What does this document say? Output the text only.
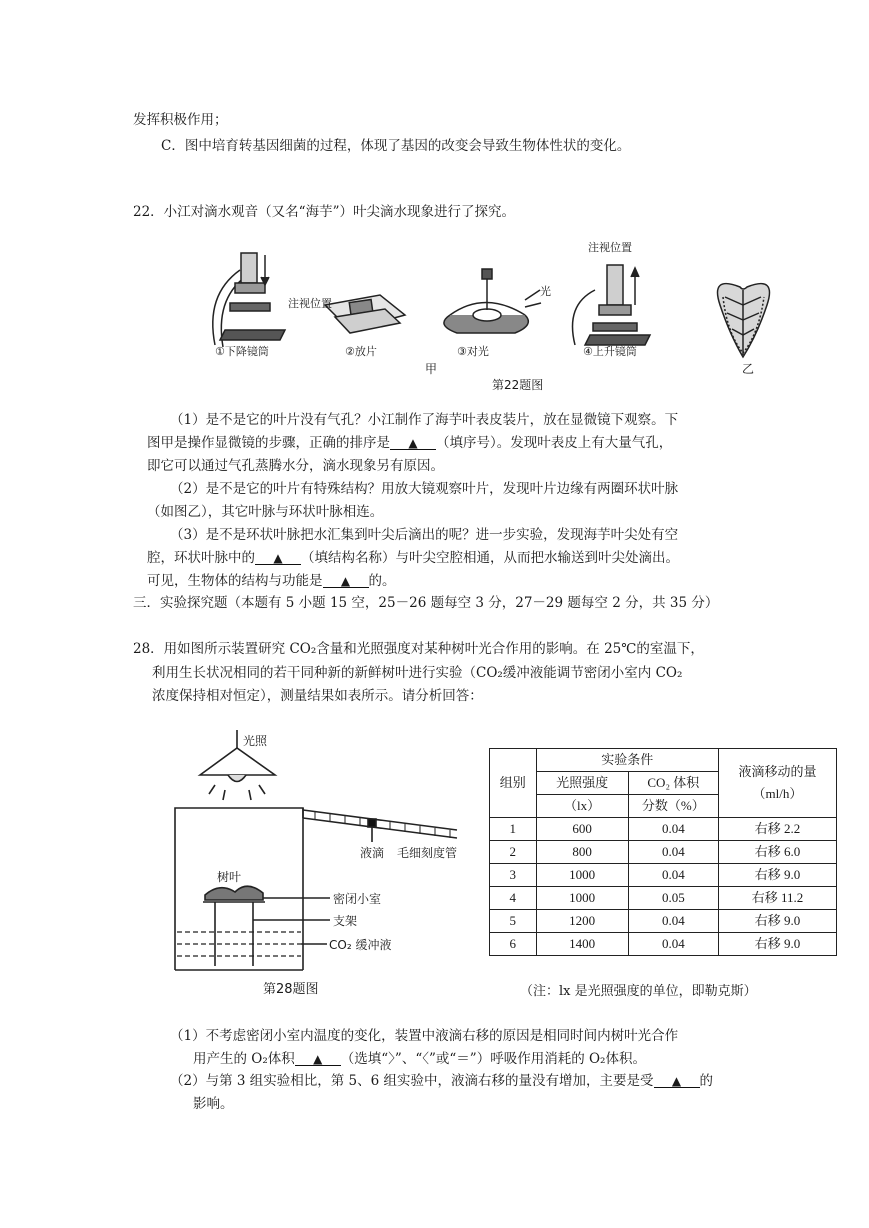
发挥积极作用；
C．图中培育转基因细菌的过程，体现了基因的改变会导致生物体性状的变化。
22．小江对滴水观音（又名“海芋”）叶尖滴水现象进行了探究。
注视位置
注视位置
光
①下降镜筒	②放片	③对光	④上升镜筒
甲	乙
第22题图
（1）是不是它的叶片没有气孔？小江制作了海芋叶表皮装片，放在显微镜下观察。下
图甲是操作显微镜的步骤，正确的排序是 ▲ （填序号）。发现叶表皮上有大量气孔，
即它可以通过气孔蒸腾水分，滴水现象另有原因。
（2）是不是它的叶片有特殊结构？用放大镜观察叶片，发现叶片边缘有两圈环状叶脉
（如图乙），其它叶脉与环状叶脉相连。
（3）是不是环状叶脉把水汇集到叶尖后滴出的呢？进一步实验，发现海芋叶尖处有空
腔，环状叶脉中的 ▲ （填结构名称）与叶尖空腔相通，从而把水输送到叶尖处滴出。
可见，生物体的结构与功能是 ▲ 的。
三．实验探究题（本题有 5 小题 15 空，25－26 题每空 3 分，27－29 题每空 2 分，共 35 分）
28．用如图所示装置研究 CO₂含量和光照强度对某种树叶光合作用的影响。在 25℃的室温下，
利用生长状况相同的若干同种新的新鲜树叶进行实验（CO₂缓冲液能调节密闭小室内 CO₂
浓度保持相对恒定），测量结果如表所示。请分析回答：
光照
液滴 毛细刻度管
树叶
密闭小室
支架
CO₂ 缓冲液
第28题图
组别	实验条件		液滴移动的量
（ml/h）

	光照强度	CO₂ 体积	
	（lx）	分数（%）	
1	600	0.04	右移 2.2
2	800	0.04	右移 6.0
3	1000	0.04	右移 9.0
4	1000	0.05	右移 11.2
5	1200	0.04	右移 9.0
6	1400	0.04	右移 9.0
（注：lx 是光照强度的单位，即勒克斯）
（1）不考虑密闭小室内温度的变化，装置中液滴右移的原因是相同时间内树叶光合作
用产生的 O₂体积 ▲ （选填“〉”、“〈”或“＝”）呼吸作用消耗的 O₂体积。
（2）与第 3 组实验相比，第 5、6 组实验中，液滴右移的量没有增加，主要是受 ▲ 的
影响。
